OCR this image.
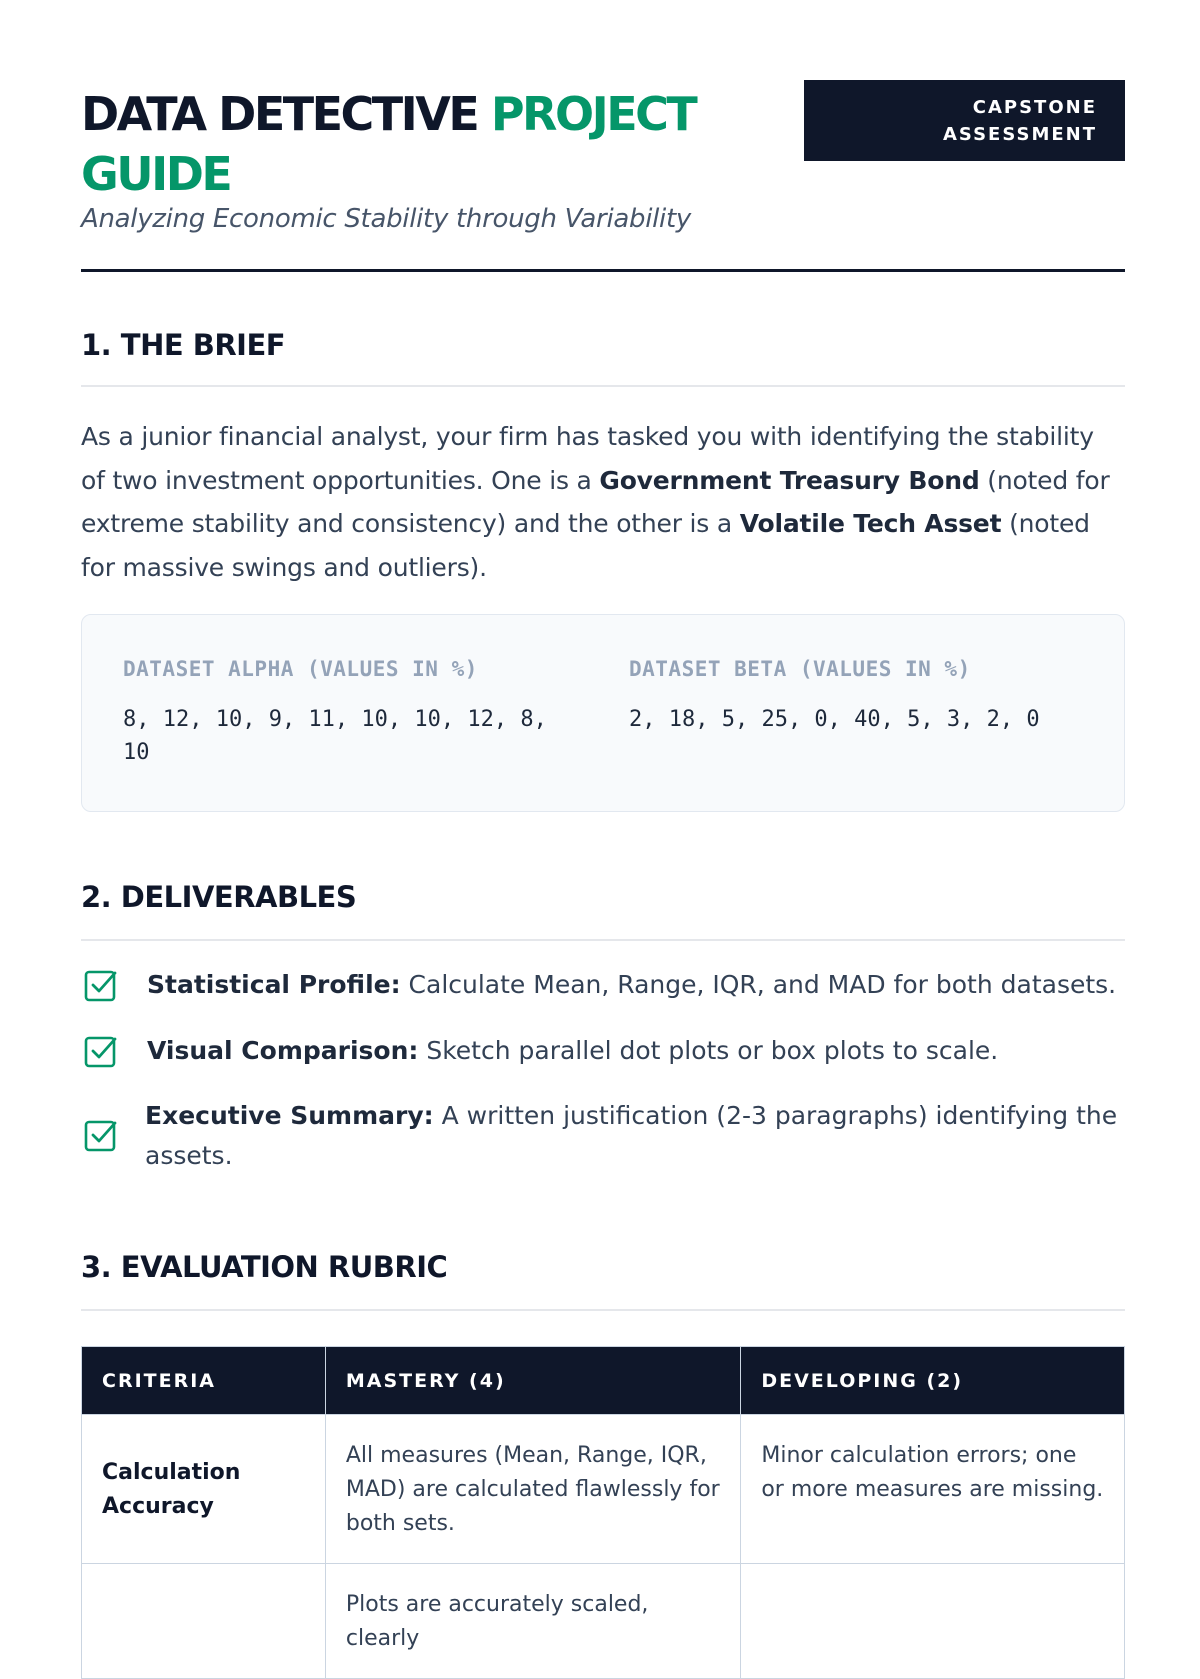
DATA DETECTIVE PROJECT GUIDE
Analyzing Economic Stability through Variability
CAPSTONE
ASSESSMENT
1. THE BRIEF

As a junior financial analyst, your firm has tasked you with identifying the stability of two investment opportunities. One is a Government Treasury Bond (noted for extreme stability and consistency) and the other is a Volatile Tech Asset (noted for massive swings and outliers).

DATASET ALPHA (VALUES IN %)
8, 12, 10, 9, 11, 10, 10, 12, 8, 10
DATASET BETA (VALUES IN %)
2, 18, 5, 25, 0, 40, 5, 3, 2, 0
2. DELIVERABLES
Statistical Profile: Calculate Mean, Range, IQR, and MAD for both datasets.
Visual Comparison: Sketch parallel dot plots or box plots to scale.
Executive Summary: A written justification (2-3 paragraphs) identifying the assets.
3. EVALUATION RUBRIC
CRITERIA	MASTERY (4)	DEVELOPING (2)
Calculation Accuracy	All measures (Mean, Range, IQR, MAD) are calculated flawlessly for both sets.	Minor calculation errors; one or more measures are missing.
	Plots are accurately scaled, clearly	
